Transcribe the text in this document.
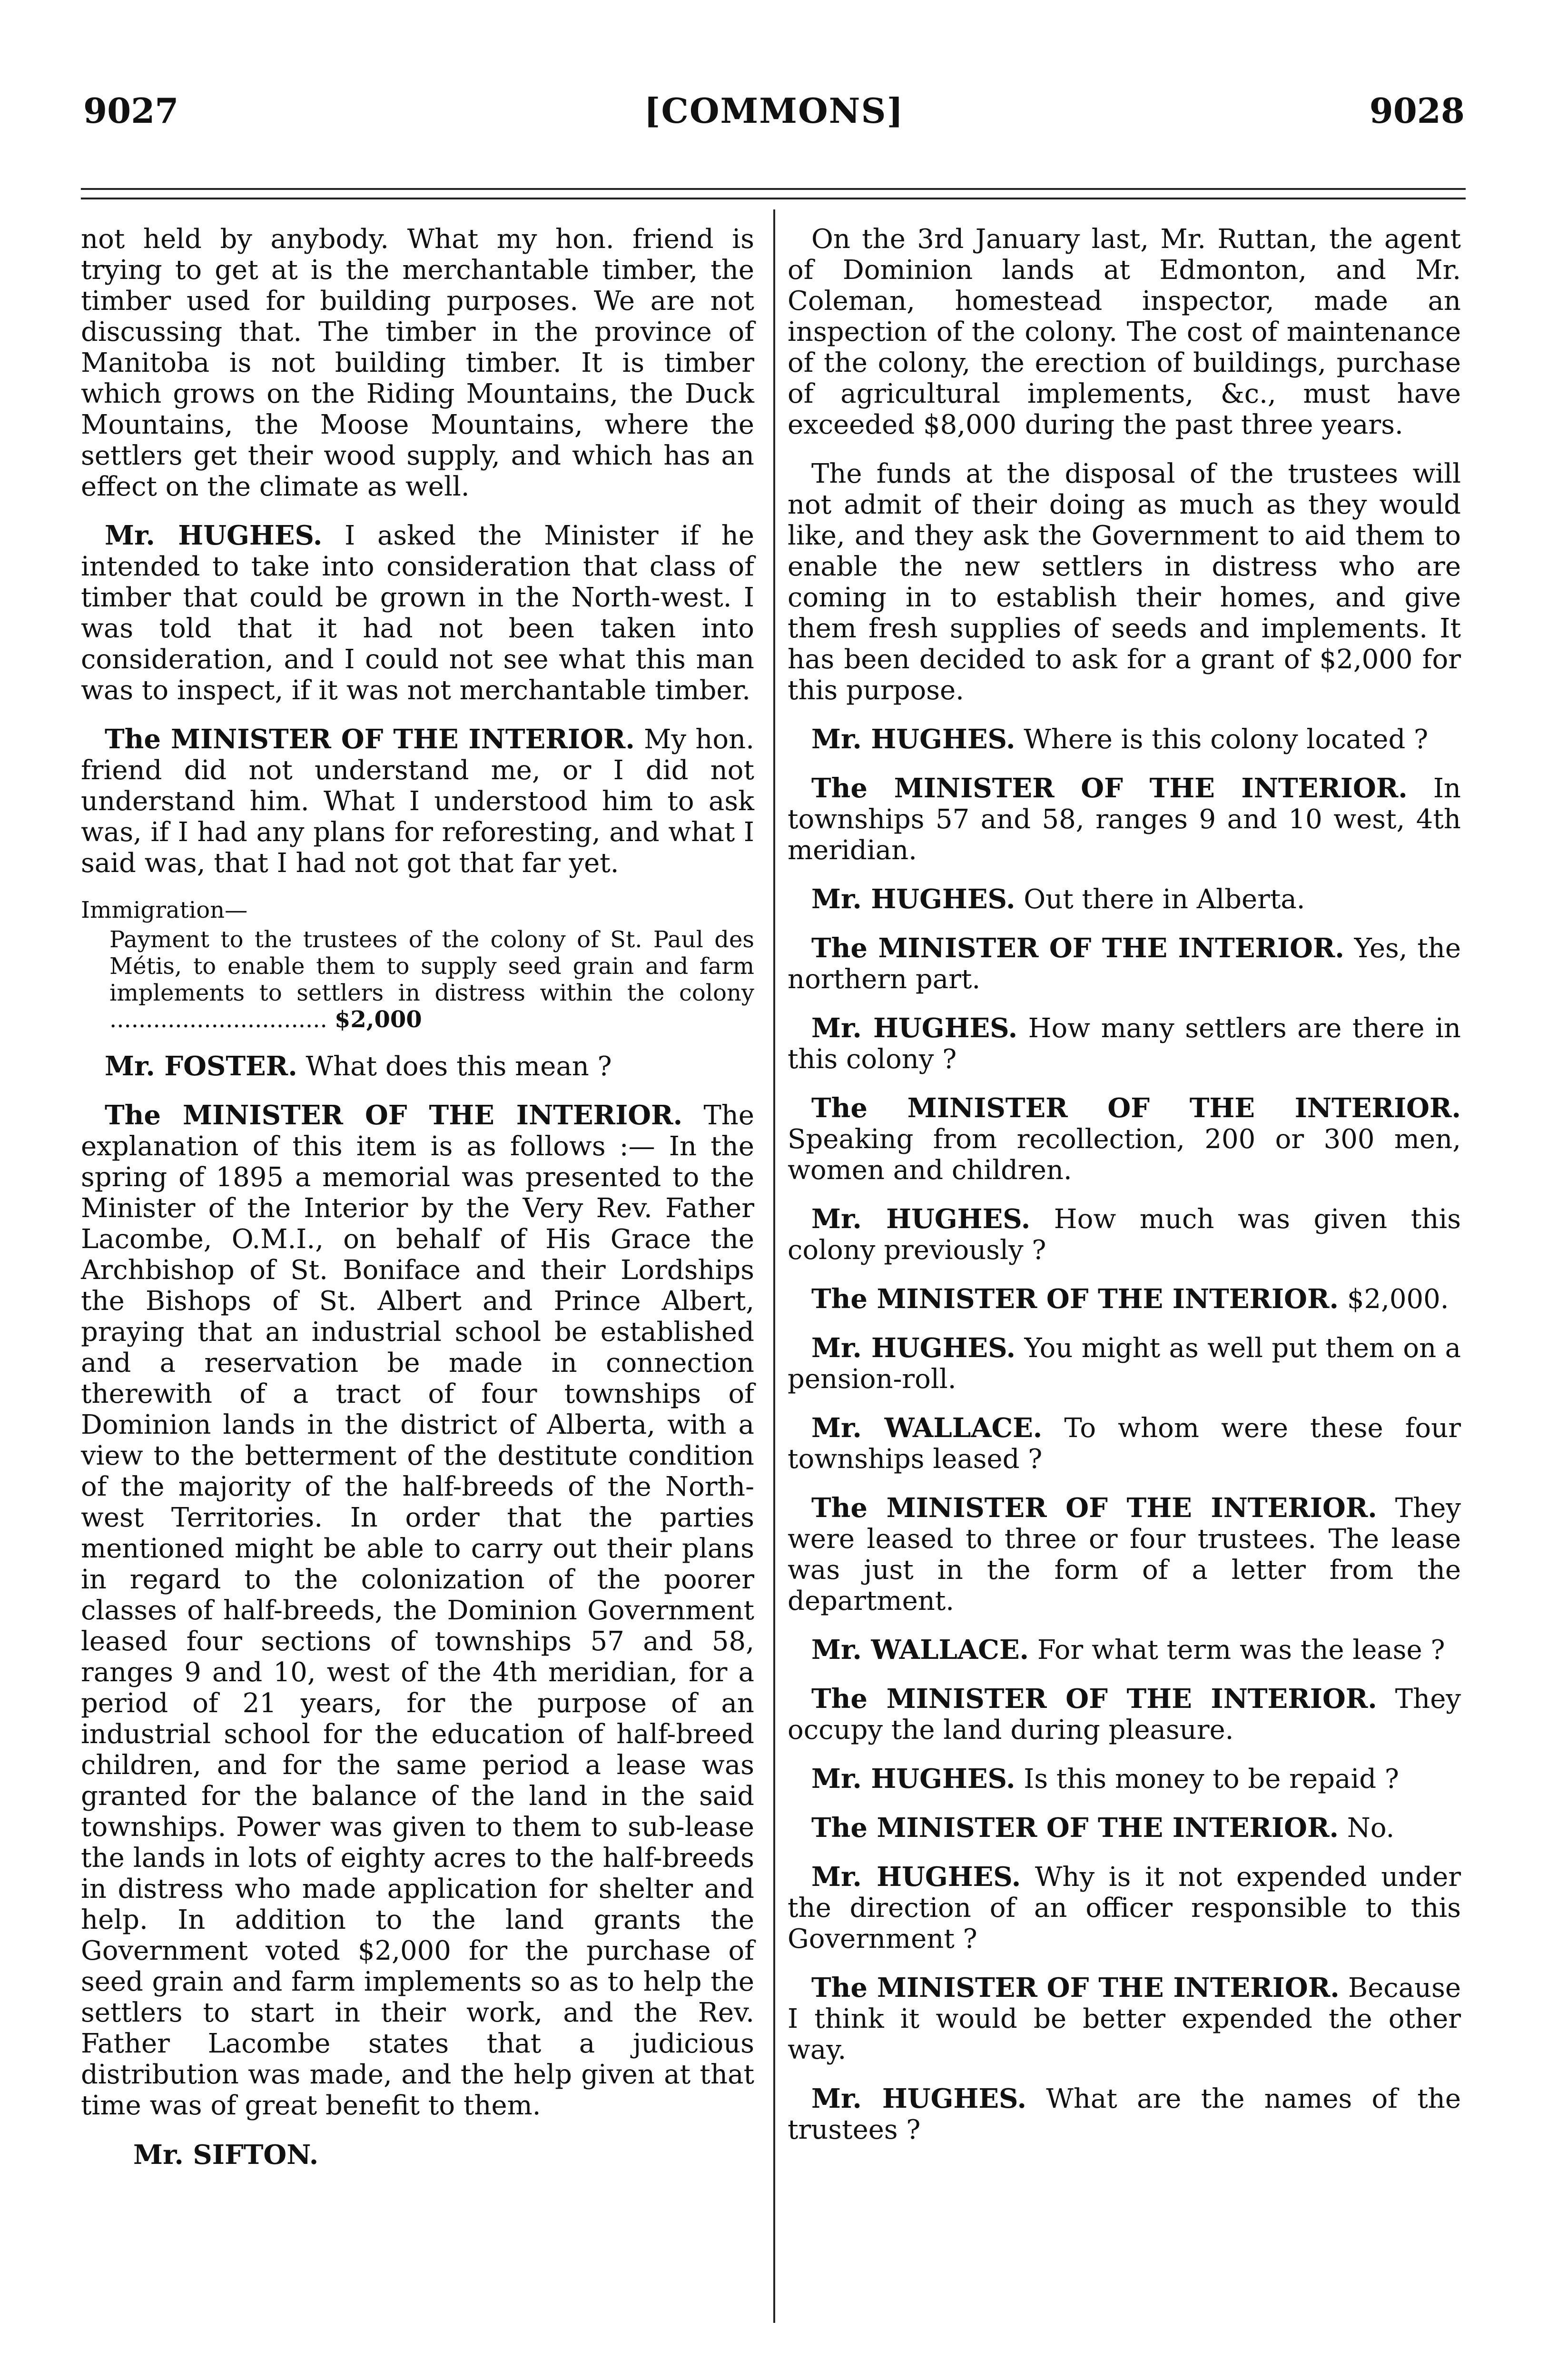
9027	[COMMONS]	9028

not held by anybody. What my hon. friend is trying to get at is the merchantable timber, the timber used for building purposes. We are not discussing that. The timber in the province of Manitoba is not building timber. It is timber which grows on the Riding Mountains, the Duck Mountains, the Moose Mountains, where the settlers get their wood supply, and which has an effect on the climate as well.

Mr. HUGHES. I asked the Minister if he intended to take into consideration that class of timber that could be grown in the North-west. I was told that it had not been taken into consideration, and I could not see what this man was to inspect, if it was not merchantable timber.

The MINISTER OF THE INTERIOR. My hon. friend did not understand me, or I did not understand him. What I understood him to ask was, if I had any plans for reforesting, and what I said was, that I had not got that far yet.

Immigration—
Payment to the trustees of the colony of St. Paul des Métis, to enable them to supply seed grain and farm implements to settlers in distress within the colony .............................. $2,000

Mr. FOSTER. What does this mean ?

The MINISTER OF THE INTERIOR. The explanation of this item is as follows :— In the spring of 1895 a memorial was presented to the Minister of the Interior by the Very Rev. Father Lacombe, O.M.I., on behalf of His Grace the Archbishop of St. Boniface and their Lordships the Bishops of St. Albert and Prince Albert, praying that an industrial school be established and a reservation be made in connection therewith of a tract of four townships of Dominion lands in the district of Alberta, with a view to the betterment of the destitute condition of the majority of the half-breeds of the North-west Territories. In order that the parties mentioned might be able to carry out their plans in regard to the colonization of the poorer classes of half-breeds, the Dominion Government leased four sections of townships 57 and 58, ranges 9 and 10, west of the 4th meridian, for a period of 21 years, for the purpose of an industrial school for the education of half-breed children, and for the same period a lease was granted for the balance of the land in the said townships. Power was given to them to sub-lease the lands in lots of eighty acres to the half-breeds in distress who made application for shelter and help. In addition to the land grants the Government voted $2,000 for the purchase of seed grain and farm implements so as to help the settlers to start in their work, and the Rev. Father Lacombe states that a judicious distribution was made, and the help given at that time was of great benefit to them.

Mr. SIFTON.

On the 3rd January last, Mr. Ruttan, the agent of Dominion lands at Edmonton, and Mr. Coleman, homestead inspector, made an inspection of the colony. The cost of maintenance of the colony, the erection of buildings, purchase of agricultural implements, &c., must have exceeded $8,000 during the past three years.

The funds at the disposal of the trustees will not admit of their doing as much as they would like, and they ask the Government to aid them to enable the new settlers in distress who are coming in to establish their homes, and give them fresh supplies of seeds and implements. It has been decided to ask for a grant of $2,000 for this purpose.

Mr. HUGHES. Where is this colony located ?

The MINISTER OF THE INTERIOR. In townships 57 and 58, ranges 9 and 10 west, 4th meridian.

Mr. HUGHES. Out there in Alberta.

The MINISTER OF THE INTERIOR. Yes, the northern part.

Mr. HUGHES. How many settlers are there in this colony ?

The MINISTER OF THE INTERIOR. Speaking from recollection, 200 or 300 men, women and children.

Mr. HUGHES. How much was given this colony previously ?

The MINISTER OF THE INTERIOR. $2,000.

Mr. HUGHES. You might as well put them on a pension-roll.

Mr. WALLACE. To whom were these four townships leased ?

The MINISTER OF THE INTERIOR. They were leased to three or four trustees. The lease was just in the form of a letter from the department.

Mr. WALLACE. For what term was the lease ?

The MINISTER OF THE INTERIOR. They occupy the land during pleasure.

Mr. HUGHES. Is this money to be repaid ?

The MINISTER OF THE INTERIOR. No.

Mr. HUGHES. Why is it not expended under the direction of an officer responsible to this Government ?

The MINISTER OF THE INTERIOR. Because I think it would be better expended the other way.

Mr. HUGHES. What are the names of the trustees ?
